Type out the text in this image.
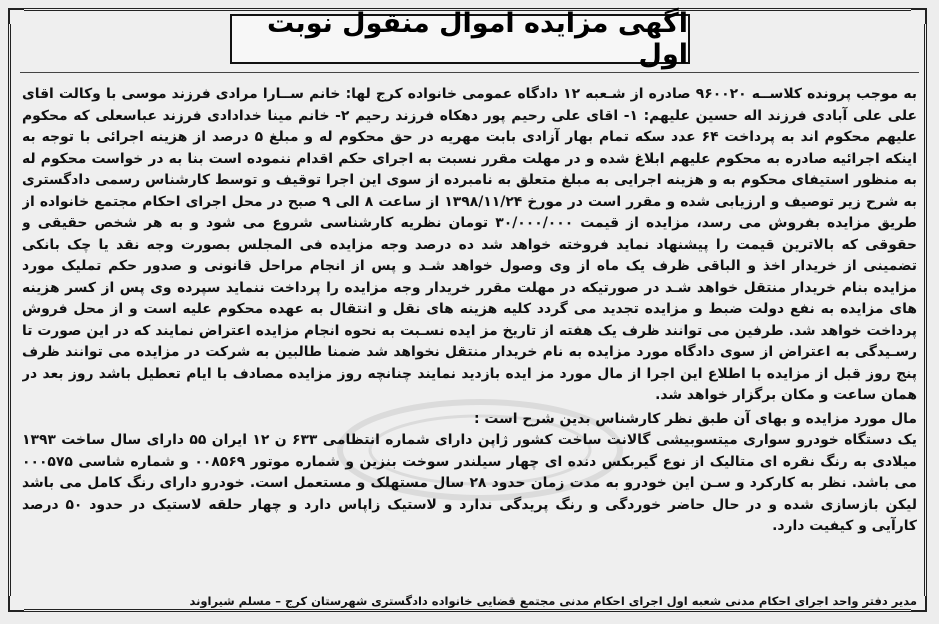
اگهی مزایده اموال منقول نوبت اول

به موجب پرونده کلاســه ۹۶۰۰۲۰ صادره از شـعبه ۱۲ دادگاه عمومی خانواده کرج لها: خانم ســارا مرادی فرزند موسی با وکالت اقای علی علی آبادی فرزند اله حسین علیهم: ۱- اقای علی رحیم پور دهکاه فرزند رحیم ۲- خانم مینا خدادادی فرزند عباسعلی که محکوم علیهم محکوم اند به پرداخت ۶۴ عدد سکه تمام بهار آزادی بابت مهریه در حق محکوم له و مبلغ ۵ درصد از هزینه اجرائی با توجه به اینکه اجرائیه صادره به محکوم علیهم ابلاغ شده و در مهلت مقرر نسبت به اجرای حکم اقدام ننموده است بنا به در خواست محکوم له به منظور استیفای محکوم به و هزینه اجرایی به مبلغ متعلق به نامبرده از سوی این اجرا توقیف و توسط کارشناس رسمی دادگستری به شرح زیر توصیف و ارزیابی شده و مقرر است در مورخ ۱۳۹۸/۱۱/۲۴ از ساعت ۸ الی ۹ صبح در محل اجرای احکام مجتمع خانواده از طریق مزایده بفروش می رسد، مزایده از قیمت ۳۰/۰۰۰/۰۰۰ تومان نظریه کارشناسی شروع می شود و به هر شخص حقیقی و حقوقی که بالاترین قیمت را پیشنهاد نماید فروخته خواهد شد ده درصد وجه مزایده فی المجلس بصورت وجه نقد یا چک بانکی تضمینی از خریدار اخذ و الباقی ظرف یک ماه از وی وصول خواهد شـد و پس از انجام مراحل قانونی و صدور حکم تملیک مورد مزایده بنام خریدار منتقل خواهد شـد در صورتیکه در مهلت مقرر خریدار وجه مزایده را پرداخت ننماید سپرده وی پس از کسر هزینه های مزایده به نفع دولت ضبط و مزایده تجدید می گردد کلیه هزینه های نقل و انتقال به عهده محکوم علیه است و از محل فروش پرداخت خواهد شد. طرفین می توانند ظرف یک هفته از تاریخ مز ایده نسـبت به نحوه انجام مزایده اعتراض نمایند که در این صورت تا رسـیدگی به اعتراض از سوی دادگاه مورد مزایده به نام خریدار منتقل نخواهد شد ضمنا طالبین به شرکت در مزایده می توانند ظرف پنج روز قبل از مزایده با اطلاع این اجرا از مال مورد مز ایده بازدید نمایند چنانچه روز مزایده مصادف با ایام تعطیل باشد روز بعد در همان ساعت و مکان برگزار خواهد شد.

مال مورد مزایده و بهای آن طبق نظر کارشناس بدین شرح است :

یک دستگاه خودرو سواری میتسوبیشی گالانت ساخت کشور ژاپن دارای شماره انتظامی ۶۳۳ ن ۱۲ ایران ۵۵ دارای سال ساخت ۱۳۹۳ میلادی به رنگ نقره ای متالیک از نوع گیربکس دنده ای چهار سیلندر سوخت بنزین و شماره موتور ۰۰۸۵۶۹ و شماره شاسی ۰۰۰۵۷۵ می باشد. نظر به کارکرد و سـن این خودرو به مدت زمان حدود ۲۸ سال مستهلک و مستعمل است. خودرو دارای رنگ کامل می باشد لیکن بازسازی شده و در حال حاضر خوردگی و رنگ پریدگی ندارد و لاستیک زاپاس دارد و چهار حلقه لاستیک در حدود ۵۰ درصد کارآیی و کیفیت دارد.

مدیر دفتر واحد اجرای احکام مدنی شعبه اول اجرای احکام مدنی مجتمع قضایی خانواده دادگستری شهرستان کرج – مسلم شیراوند
